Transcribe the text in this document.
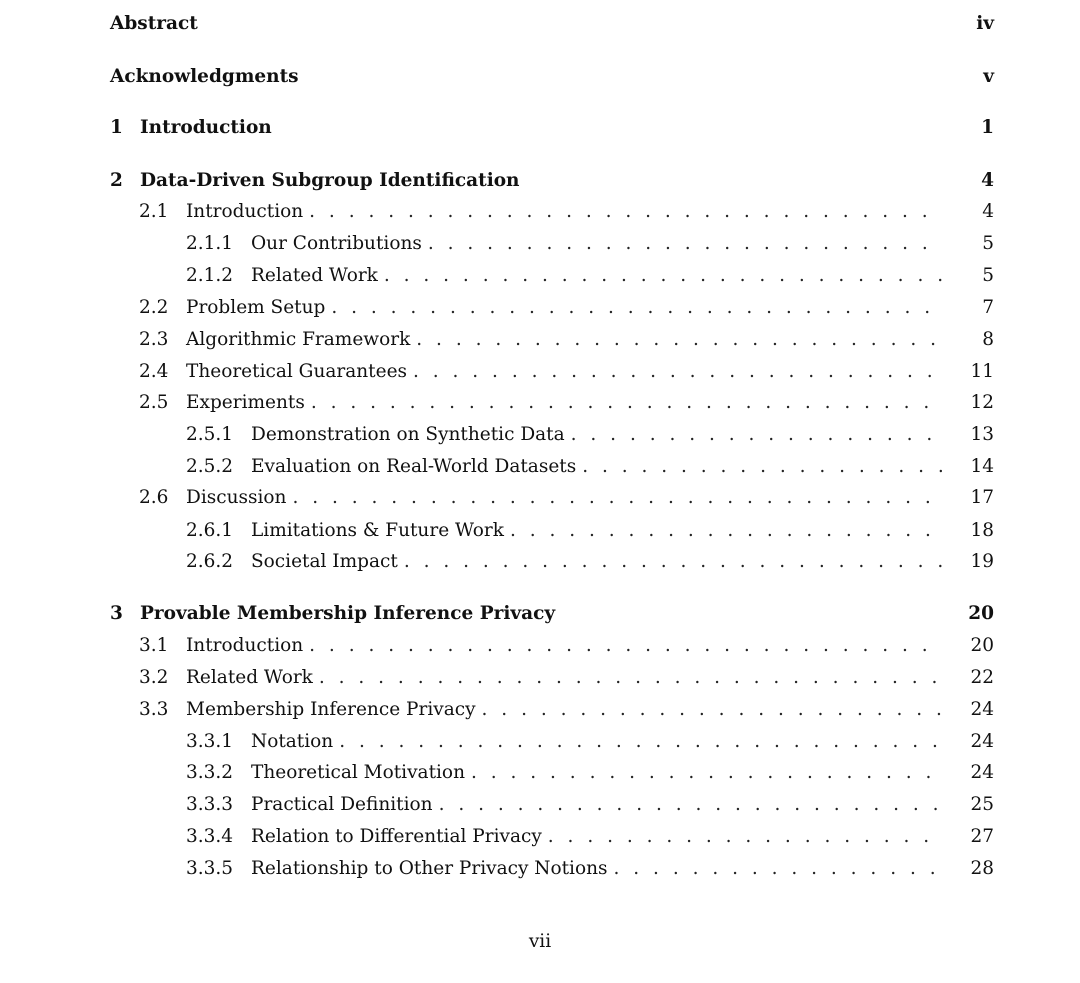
Abstract	iv
Acknowledgments	v
1 Introduction	1
2 Data-Driven Subgroup Identification	4
2.1 Introduction . . .	4
2.1.1 Our Contributions . . .	5
2.1.2 Related Work . . .	5
2.2 Problem Setup . . .	7
2.3 Algorithmic Framework . . .	8
2.4 Theoretical Guarantees . . .	11
2.5 Experiments . . .	12
2.5.1 Demonstration on Synthetic Data . . .	13
2.5.2 Evaluation on Real-World Datasets . . .	14
2.6 Discussion . . .	17
2.6.1 Limitations & Future Work . . .	18
2.6.2 Societal Impact . . .	19
3 Provable Membership Inference Privacy	20
3.1 Introduction . . .	20
3.2 Related Work . . .	22
3.3 Membership Inference Privacy . . .	24
3.3.1 Notation . . .	24
3.3.2 Theoretical Motivation . . .	24
3.3.3 Practical Definition . . .	25
3.3.4 Relation to Differential Privacy . . .	27
3.3.5 Relationship to Other Privacy Notions . . .	28
vii
